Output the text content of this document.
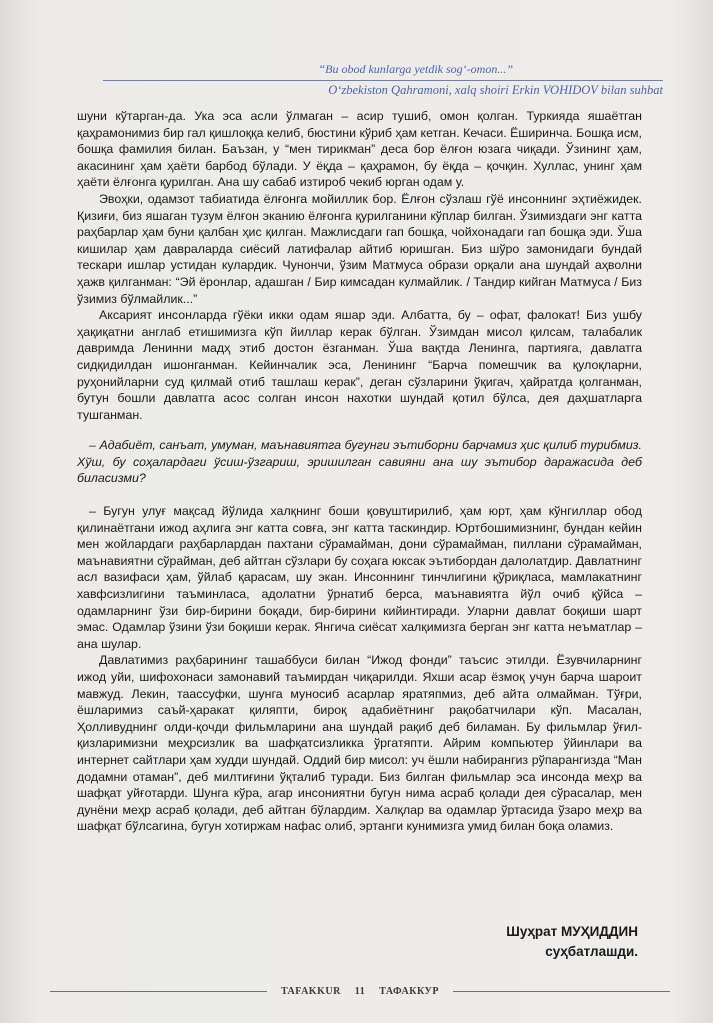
“Bu obod kunlarga yetdik sog‘-omon...”
O‘zbekiston Qahramoni, xalq shoiri Erkin VOHIDOV bilan suhbat

шуни кўтарган-да. Ука эса асли ўлмаган – асир тушиб, омон қолган. Туркияда яшаётган қаҳрамонимиз бир гал қишлоққа келиб, бюстини кўриб ҳам кетган. Кечаси. Ёширинча. Бошқа исм, бошқа фамилия билан. Баъзан, у “мен тирикман” деса бор ёлғон юзага чиқади. Ўзининг ҳам, акасининг ҳам ҳаёти барбод бўлади. У ёқда – қаҳрамон, бу ёқда – қочқин. Хуллас, унинг ҳам ҳаёти ёлғонга қурилган. Ана шу сабаб изтироб чекиб юрган одам у.

Эвоҳки, одамзот табиатида ёлғонга мойиллик бор. Ёлғон сўзлаш гўё инсоннинг эҳтиёжидек. Қизиғи, биз яшаган тузум ёлғон эканию ёлғонга қурилганини кўплар билган. Ўзимиздаги энг катта раҳбарлар ҳам буни қалбан ҳис қилган. Мажлисдаги гап бошқа, чойхонадаги гап бошқа эди. Ўша кишилар ҳам давраларда сиёсий латифалар айтиб юришган. Биз шўро замонидаги бундай тескари ишлар устидан кулардик. Чунончи, ўзим Матмуса образи орқали ана шундай аҳволни ҳажв қилганман: “Эй ёронлар, адашган / Бир кимсадан кулмайлик. / Тандир кийган Матмуса / Биз ўзимиз бўлмайлик...”

Аксарият инсонларда гўёки икки одам яшар эди. Албатта, бу – офат, фалокат! Биз ушбу ҳақиқатни англаб етишимизга кўп йиллар керак бўлган. Ўзимдан мисол қилсам, талабалик давримда Ленинни мадҳ этиб достон ёзганман. Ўша вақтда Ленинга, партияга, давлатга сидқидилдан ишонганман. Кейинчалик эса, Ленининг “Барча помешчик ва қулоқларни, руҳонийларни суд қилмай отиб ташлаш керак”, деган сўзларини ўқигач, ҳайратда қолганман, бутун бошли давлатга асос солган инсон нахотки шундай қотил бўлса, дея даҳшатларга тушганман.

– Адабиёт, санъат, умуман, маънавиятга бугунги эътиборни барчамиз ҳис қилиб турибмиз. Хўш, бу соҳалардаги ўсиш-ўзгариш, эришилган савияни ана шу эътибор даражасида деб биласизми?

– Бугун улуғ мақсад йўлида халқнинг боши қовуштирилиб, ҳам юрт, ҳам кўнгиллар обод қилинаётгани ижод аҳлига энг катта совға, энг катта таскиндир. Юртбошимизнинг, бундан кейин мен жойлардаги раҳбарлардан пахтани сўрамайман, дони сўрамайман, пиллани сўрамайман, маънавиятни сўрайман, деб айтган сўзлари бу соҳага юксак эътибордан далолатдир. Давлатнинг асл вазифаси ҳам, ўйлаб қарасам, шу экан. Инсоннинг тинчлигини қўриқласа, мамлакатнинг хавфсизлигини таъминласа, адолатни ўрнатиб берса, маънавиятга йўл очиб қўйса – одамларнинг ўзи бир-бирини боқади, бир-бирини кийинтиради. Уларни давлат боқиши шарт эмас. Одамлар ўзини ўзи боқиши керак. Янгича сиёсат халқимизга берган энг катта неъматлар – ана шулар.

Давлатимиз раҳбарининг ташаббуси билан “Ижод фонди” таъсис этилди. Ёзувчиларнинг ижод уйи, шифохонаси замонавий таъмирдан чиқарилди. Яхши асар ёзмоқ учун барча шароит мавжуд. Лекин, таассуфки, шунга муносиб асарлар яратяпмиз, деб айта олмайман. Тўғри, ёшларимиз саъй-ҳаракат қиляпти, бироқ адабиётнинг рақобатчилари кўп. Масалан, Ҳолливуднинг олди-қочди фильмларини ана шундай рақиб деб биламан. Бу фильмлар ўғил-қизларимизни меҳрсизлик ва шафқатсизликка ўргатяпти. Айрим компьютер ўйинлари ва интернет сайтлари ҳам худди шундай. Оддий бир мисол: уч ёшли набирангиз рўпарангизда “Ман додамни отаман”, деб милтиғини ўқталиб туради. Биз билган фильмлар эса инсонда меҳр ва шафқат уйғотарди. Шунга кўра, агар инсониятни бугун нима асраб қолади дея сўрасалар, мен дунёни меҳр асраб қолади, деб айтган бўлардим. Халқлар ва одамлар ўртасида ўзаро меҳр ва шафқат бўлсагина, бугун хотиржам нафас олиб, эртанги кунимизга умид билан боқа оламиз.

Шуҳрат МУҲИДДИН
суҳбатлашди.
TAFAKKUR 11 ТАФАККУР
